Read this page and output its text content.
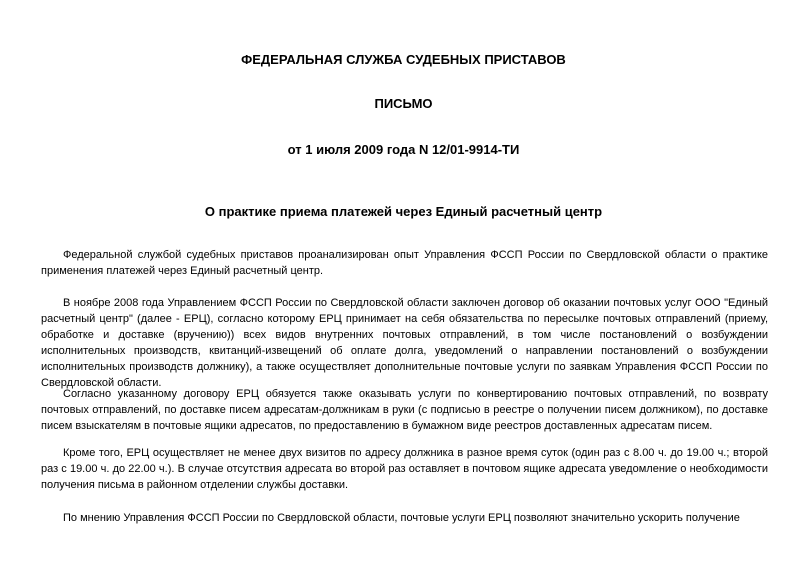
ФЕДЕРАЛЬНАЯ СЛУЖБА СУДЕБНЫХ ПРИСТАВОВ

ПИСЬМО

от 1 июля 2009 года N 12/01-9914-ТИ

О практике приема платежей через Единый расчетный центр

Федеральной службой судебных приставов проанализирован опыт Управления ФССП России по Свердловской области о практике применения платежей через Единый расчетный центр.

В ноябре 2008 года Управлением ФССП России по Свердловской области заключен договор об оказании почтовых услуг ООО "Единый расчетный центр" (далее - ЕРЦ), согласно которому ЕРЦ принимает на себя обязательства по пересылке почтовых отправлений (приему, обработке и доставке (вручению)) всех видов внутренних почтовых отправлений, в том числе постановлений о возбуждении исполнительных производств, квитанций-извещений об оплате долга, уведомлений о направлении постановлений о возбуждении исполнительных производств должнику), а также осуществляет дополнительные почтовые услуги по заявкам Управления ФССП России по Свердловской области.

Согласно указанному договору ЕРЦ обязуется также оказывать услуги по конвертированию почтовых отправлений, по возврату почтовых отправлений, по доставке писем адресатам-должникам в руки (с подписью в реестре о получении писем должником), по доставке писем взыскателям в почтовые ящики адресатов, по предоставлению в бумажном виде реестров доставленных адресатам писем.

Кроме того, ЕРЦ осуществляет не менее двух визитов по адресу должника в разное время суток (один раз с 8.00 ч. до 19.00 ч.; второй раз с 19.00 ч. до 22.00 ч.). В случае отсутствия адресата во второй раз оставляет в почтовом ящике адресата уведомление о необходимости получения письма в районном отделении службы доставки.

По мнению Управления ФССП России по Свердловской области, почтовые услуги ЕРЦ позволяют значительно ускорить получение
